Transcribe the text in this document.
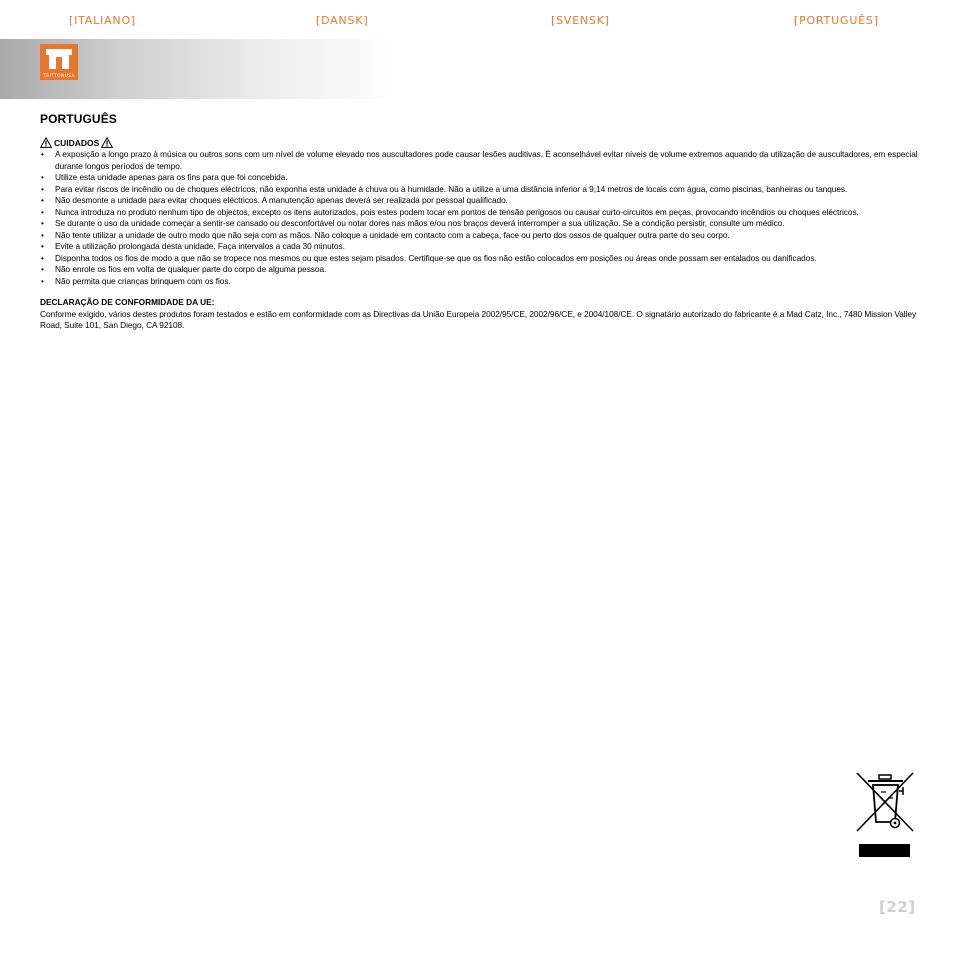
[ITALIANO]	[DANSK]	[SVENSK]	[PORTUGUÊS]
TRITTONUSA
PORTUGUÊS
CUIDADOS
• A exposição a longo prazo à música ou outros sons com um nível de volume elevado nos auscultadores pode causar lesões auditivas. É aconselhável evitar níveis de volume extremos aquando da utilização de auscultadores, em especial durante longos períodos de tempo.
• Utilize esta unidade apenas para os fins para que foi concebida.
• Para evitar riscos de incêndio ou de choques eléctricos, não exponha esta unidade à chuva ou à humidade. Não a utilize a uma distância inferior a 9,14 metros de locais com água, como piscinas, banheiras ou tanques.
• Não desmonte a unidade para evitar choques eléctricos. A manutenção apenas deverá ser realizada por pessoal qualificado.
• Nunca introduza no produto nenhum tipo de objectos, excepto os itens autorizados, pois estes podem tocar em pontos de tensão perigosos ou causar curto-circuitos em peças, provocando incêndios ou choques eléctricos.
• Se durante o uso da unidade começar a sentir-se cansado ou desconfortável ou notar dores nas mãos e/ou nos braços deverá interromper a sua utilização. Se a condição persistir, consulte um médico.
• Não tente utilizar a unidade de outro modo que não seja com as mãos. Não coloque a unidade em contacto com a cabeça, face ou perto dos ossos de qualquer outra parte do seu corpo.
• Evite a utilização prolongada desta unidade. Faça intervalos a cada 30 minutos.
• Disponha todos os fios de modo a que não se tropece nos mesmos ou que estes sejam pisados. Certifique-se que os fios não estão colocados em posições ou áreas onde possam ser entalados ou danificados.
• Não enrole os fios em volta de qualquer parte do corpo de alguma pessoa.
• Não permita que crianças brinquem com os fios.
DECLARAÇÃO DE CONFORMIDADE DA UE:
Conforme exigido, vários destes produtos foram testados e estão em conformidade com as Directivas da União Europeia 2002/95/CE, 2002/96/CE, e 2004/108/CE. O signatário autorizado do fabricante é a Mad Catz, Inc., 7480 Mission Valley Road, Suite 101, San Diego, CA 92108.
[22]
